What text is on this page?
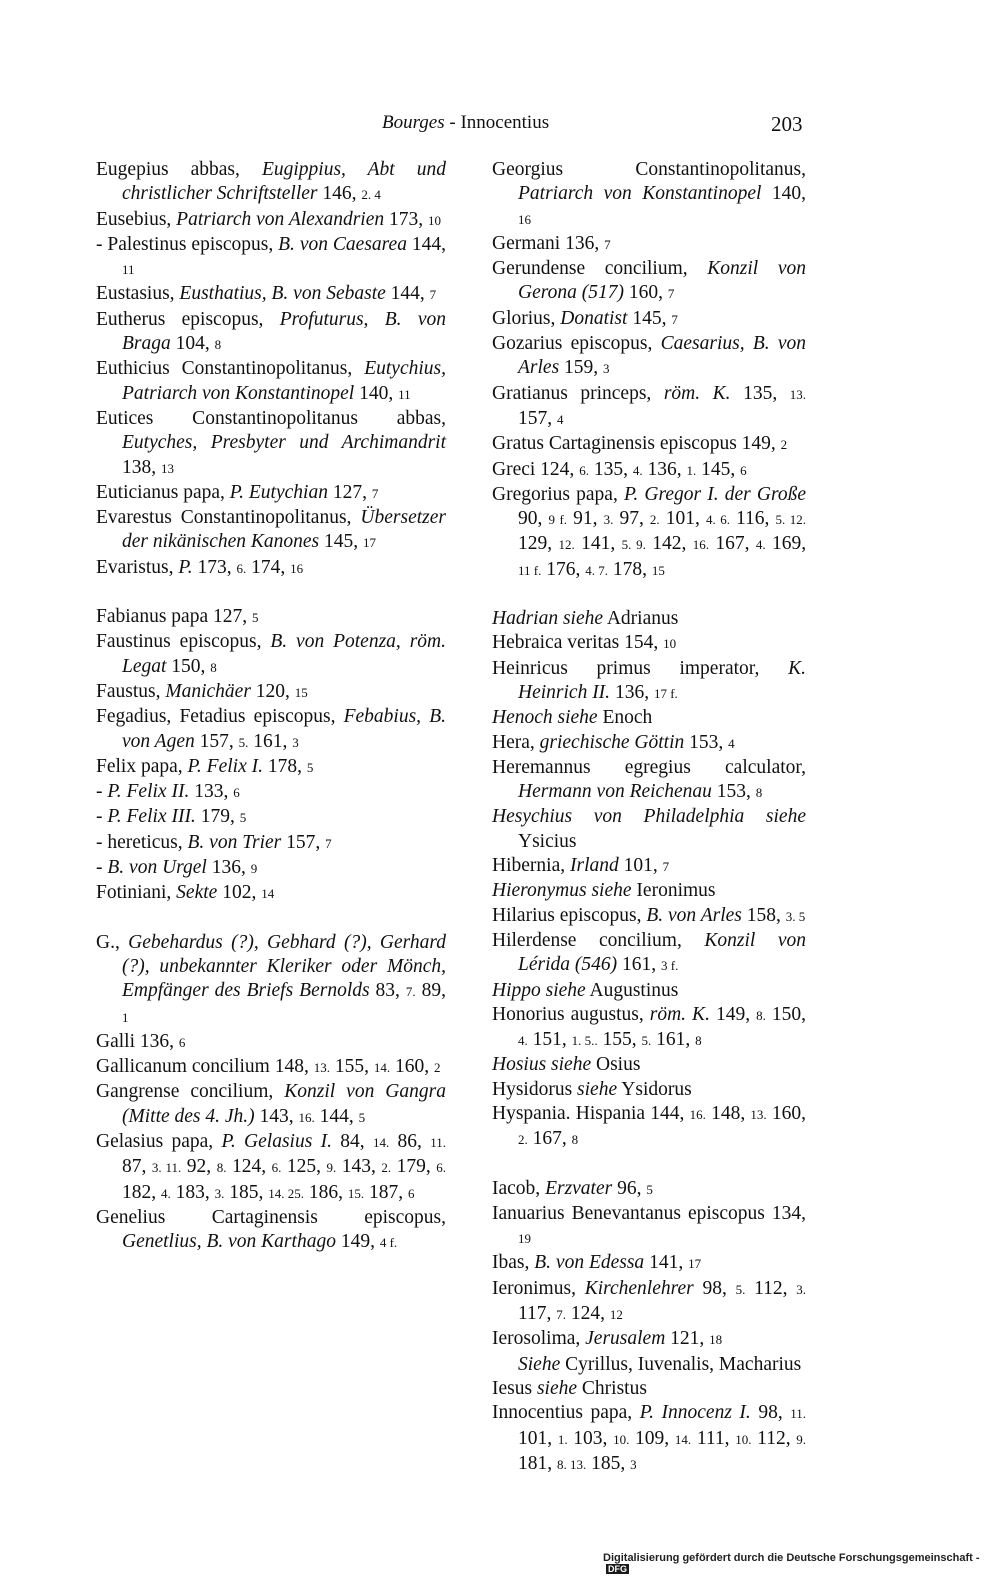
Bourges - Innocentius	203

Eugepius abbas, Eugippius, Abt und christlicher Schriftsteller 146, 2. 4

Eusebius, Patriarch von Alexandrien 173, 10

- Palestinus episcopus, B. von Caesarea 144, 11

Eustasius, Eusthatius, B. von Sebaste 144, 7

Eutherus episcopus, Profuturus, B. von Braga 104, 8

Euthicius Constantinopolitanus, Eutychius, Patriarch von Konstantinopel 140, 11

Eutices Constantinopolitanus abbas, Eutyches, Presbyter und Archimandrit 138, 13

Euticianus papa, P. Eutychian 127, 7

Evarestus Constantinopolitanus, Übersetzer der nikänischen Kanones 145, 17

Evaristus, P. 173, 6. 174, 16

Fabianus papa 127, 5

Faustinus episcopus, B. von Potenza, röm. Legat 150, 8

Faustus, Manichäer 120, 15

Fegadius, Fetadius episcopus, Febabius, B. von Agen 157, 5. 161, 3

Felix papa, P. Felix I. 178, 5

- P. Felix II. 133, 6

- P. Felix III. 179, 5

- hereticus, B. von Trier 157, 7

- B. von Urgel 136, 9

Fotiniani, Sekte 102, 14

G., Gebehardus (?), Gebhard (?), Gerhard (?), unbekannter Kleriker oder Mönch, Empfänger des Briefs Bernolds 83, 7. 89, 1

Galli 136, 6

Gallicanum concilium 148, 13. 155, 14. 160, 2

Gangrense concilium, Konzil von Gangra (Mitte des 4. Jh.) 143, 16. 144, 5

Gelasius papa, P. Gelasius I. 84, 14. 86, 11. 87, 3. 11. 92, 8. 124, 6. 125, 9. 143, 2. 179, 6. 182, 4. 183, 3. 185, 14. 25. 186, 15. 187, 6

Genelius Cartaginensis episcopus, Genetlius, B. von Karthago 149, 4 f.

Georgius Constantinopolitanus, Patriarch von Konstantinopel 140, 16

Germani 136, 7

Gerundense concilium, Konzil von Gerona (517) 160, 7

Glorius, Donatist 145, 7

Gozarius episcopus, Caesarius, B. von Arles 159, 3

Gratianus princeps, röm. K. 135, 13. 157, 4

Gratus Cartaginensis episcopus 149, 2

Greci 124, 6. 135, 4. 136, 1. 145, 6

Gregorius papa, P. Gregor I. der Große 90, 9 f. 91, 3. 97, 2. 101, 4. 6. 116, 5. 12. 129, 12. 141, 5. 9. 142, 16. 167, 4. 169, 11 f. 176, 4. 7. 178, 15

Hadrian siehe Adrianus

Hebraica veritas 154, 10

Heinricus primus imperator, K. Heinrich II. 136, 17 f.

Henoch siehe Enoch

Hera, griechische Göttin 153, 4

Heremannus egregius calculator, Hermann von Reichenau 153, 8

Hesychius von Philadelphia siehe Ysicius

Hibernia, Irland 101, 7

Hieronymus siehe Ieronimus

Hilarius episcopus, B. von Arles 158, 3. 5

Hilerdense concilium, Konzil von Lérida (546) 161, 3 f.

Hippo siehe Augustinus

Honorius augustus, röm. K. 149, 8. 150, 4. 151, 1. 5.. 155, 5. 161, 8

Hosius siehe Osius

Hysidorus siehe Ysidorus

Hyspania. Hispania 144, 16. 148, 13. 160, 2. 167, 8

Iacob, Erzvater 96, 5

Ianuarius Benevantanus episcopus 134, 19

Ibas, B. von Edessa 141, 17

Ieronimus, Kirchenlehrer 98, 5. 112, 3. 117, 7. 124, 12

Ierosolima, Jerusalem 121, 18

Siehe Cyrillus, Iuvenalis, Macharius

Iesus siehe Christus

Innocentius papa, P. Innocenz I. 98, 11. 101, 1. 103, 10. 109, 14. 111, 10. 112, 9. 181, 8. 13. 185, 3

Digitalisierung gefördert durch die Deutsche Forschungsgemeinschaft - DFG
